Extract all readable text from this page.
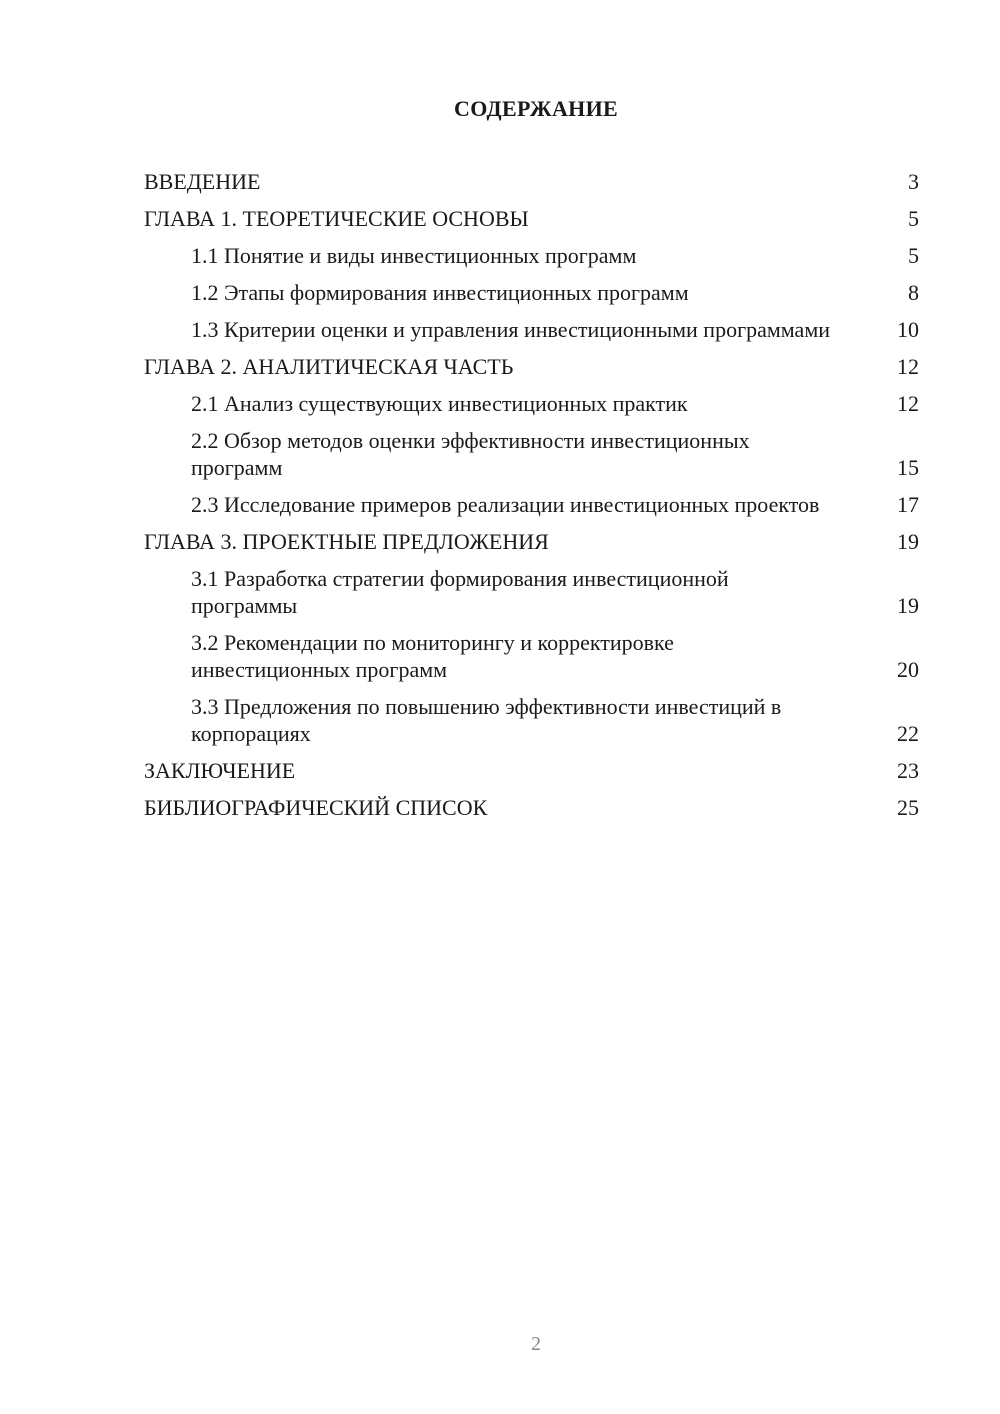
СОДЕРЖАНИЕ
ВВЕДЕНИЕ	3
ГЛАВА 1. ТЕОРЕТИЧЕСКИЕ ОСНОВЫ	5
1.1 Понятие и виды инвестиционных программ	5
1.2 Этапы формирования инвестиционных программ	8
1.3 Критерии оценки и управления инвестиционными программами	10
ГЛАВА 2. АНАЛИТИЧЕСКАЯ ЧАСТЬ	12
2.1 Анализ существующих инвестиционных практик	12
2.2 Обзор методов оценки эффективности инвестиционных программ	15
2.3 Исследование примеров реализации инвестиционных проектов	17
ГЛАВА 3. ПРОЕКТНЫЕ ПРЕДЛОЖЕНИЯ	19
3.1 Разработка стратегии формирования инвестиционной программы	19
3.2 Рекомендации по мониторингу и корректировке инвестиционных программ	20
3.3 Предложения по повышению эффективности инвестиций в корпорациях	22
ЗАКЛЮЧЕНИЕ	23
БИБЛИОГРАФИЧЕСКИЙ СПИСОК	25
2
